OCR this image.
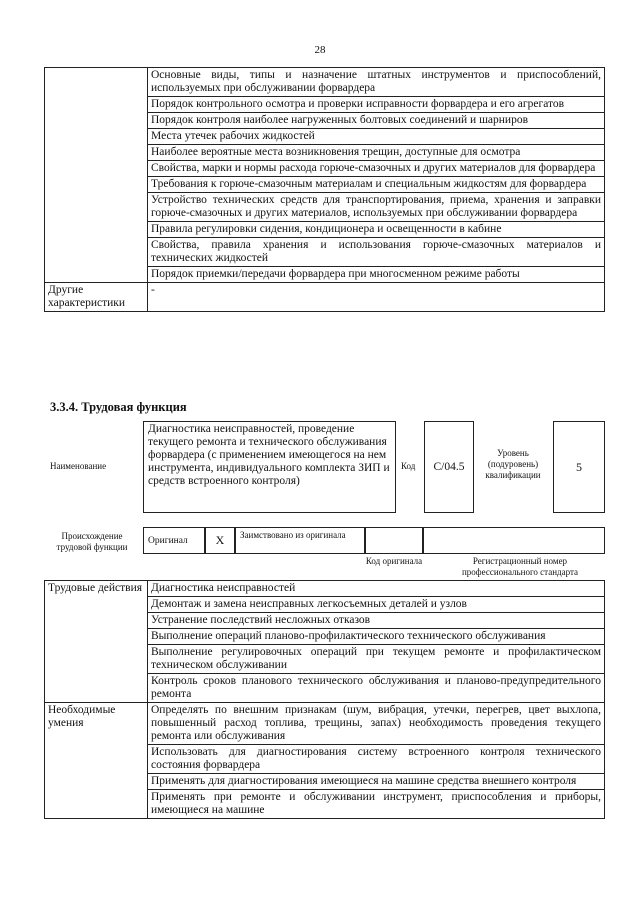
28
	Основные виды, типы и назначение штатных инструментов и приспособлений, используемых при обслуживании форвардера
	Порядок контрольного осмотра и проверки исправности форвардера и его агрегатов
	Порядок контроля наиболее нагруженных болтовых соединений и шарниров
	Места утечек рабочих жидкостей
	Наиболее вероятные места возникновения трещин, доступные для осмотра
	Свойства, марки и нормы расхода горюче-смазочных и других материалов для форвардера
	Требования к горюче-смазочным материалам и специальным жидкостям для форвардера
	Устройство технических средств для транспортирования, приема, хранения и заправки горюче-смазочных и других материалов, используемых при обслуживании форвардера
	Правила регулировки сидения, кондиционера и освещенности в кабине
	Свойства, правила хранения и использования горюче-смазочных материалов и технических жидкостей
	Порядок приемки/передачи форвардера при многосменном режиме работы
Другие характеристики	-
3.3.4. Трудовая функция
Наименование
Диагностика неисправностей, проведение текущего ремонта и технического обслуживания форвардера (с применением имеющегося на нем инструмента, индивидуального комплекта ЗИП и средств встроенного контроля)
Код	C/04.5
Уровень (подуровень) квалификации
5
Происхождение трудовой функции
Оригинал	X	Заимствовано из оригинала
Код оригинала	Регистрационный номер профессионального стандарта
Трудовые действия	Диагностика неисправностей
	Демонтаж и замена неисправных легкосъемных деталей и узлов
	Устранение последствий несложных отказов
	Выполнение операций планово-профилактического технического обслуживания
	Выполнение регулировочных операций при текущем ремонте и профилактическом техническом обслуживании
	Контроль сроков планового технического обслуживания и планово-предупредительного ремонта
Необходимые умения	Определять по внешним признакам (шум, вибрация, утечки, перегрев, цвет выхлопа, повышенный расход топлива, трещины, запах) необходимость проведения текущего ремонта или обслуживания
	Использовать для диагностирования систему встроенного контроля технического состояния форвардера
	Применять для диагностирования имеющиеся на машине средства внешнего контроля
	Применять при ремонте и обслуживании инструмент, приспособления и приборы, имеющиеся на машине
